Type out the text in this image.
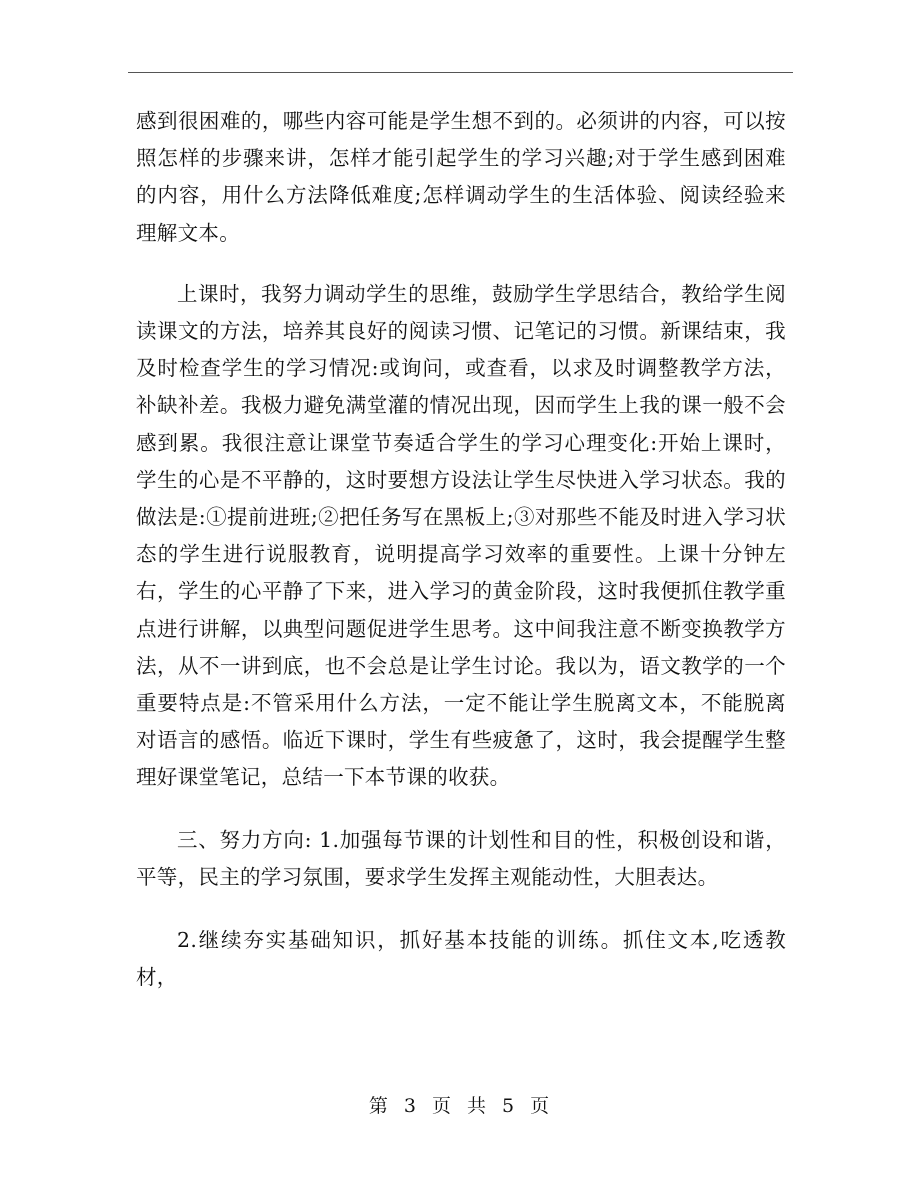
感到很困难的，哪些内容可能是学生想不到的。必须讲的内容，可以按照怎样的步骤来讲，怎样才能引起学生的学习兴趣;对于学生感到困难的内容，用什么方法降低难度;怎样调动学生的生活体验、阅读经验来理解文本。

上课时，我努力调动学生的思维，鼓励学生学思结合，教给学生阅读课文的方法，培养其良好的阅读习惯、记笔记的习惯。新课结束，我及时检查学生的学习情况:或询问，或查看，以求及时调整教学方法，补缺补差。我极力避免满堂灌的情况出现，因而学生上我的课一般不会感到累。我很注意让课堂节奏适合学生的学习心理变化:开始上课时，学生的心是不平静的，这时要想方设法让学生尽快进入学习状态。我的做法是:①提前进班;②把任务写在黑板上;③对那些不能及时进入学习状态的学生进行说服教育，说明提高学习效率的重要性。上课十分钟左右，学生的心平静了下来，进入学习的黄金阶段，这时我便抓住教学重点进行讲解，以典型问题促进学生思考。这中间我注意不断变换教学方法，从不一讲到底，也不会总是让学生讨论。我以为，语文教学的一个重要特点是:不管采用什么方法，一定不能让学生脱离文本，不能脱离对语言的感悟。临近下课时，学生有些疲惫了，这时，我会提醒学生整理好课堂笔记，总结一下本节课的收获。

三、努力方向: 1.加强每节课的计划性和目的性，积极创设和谐，平等，民主的学习氛围，要求学生发挥主观能动性，大胆表达。

2.继续夯实基础知识，抓好基本技能的训练。抓住文本,吃透教材，

第 3 页 共 5 页
